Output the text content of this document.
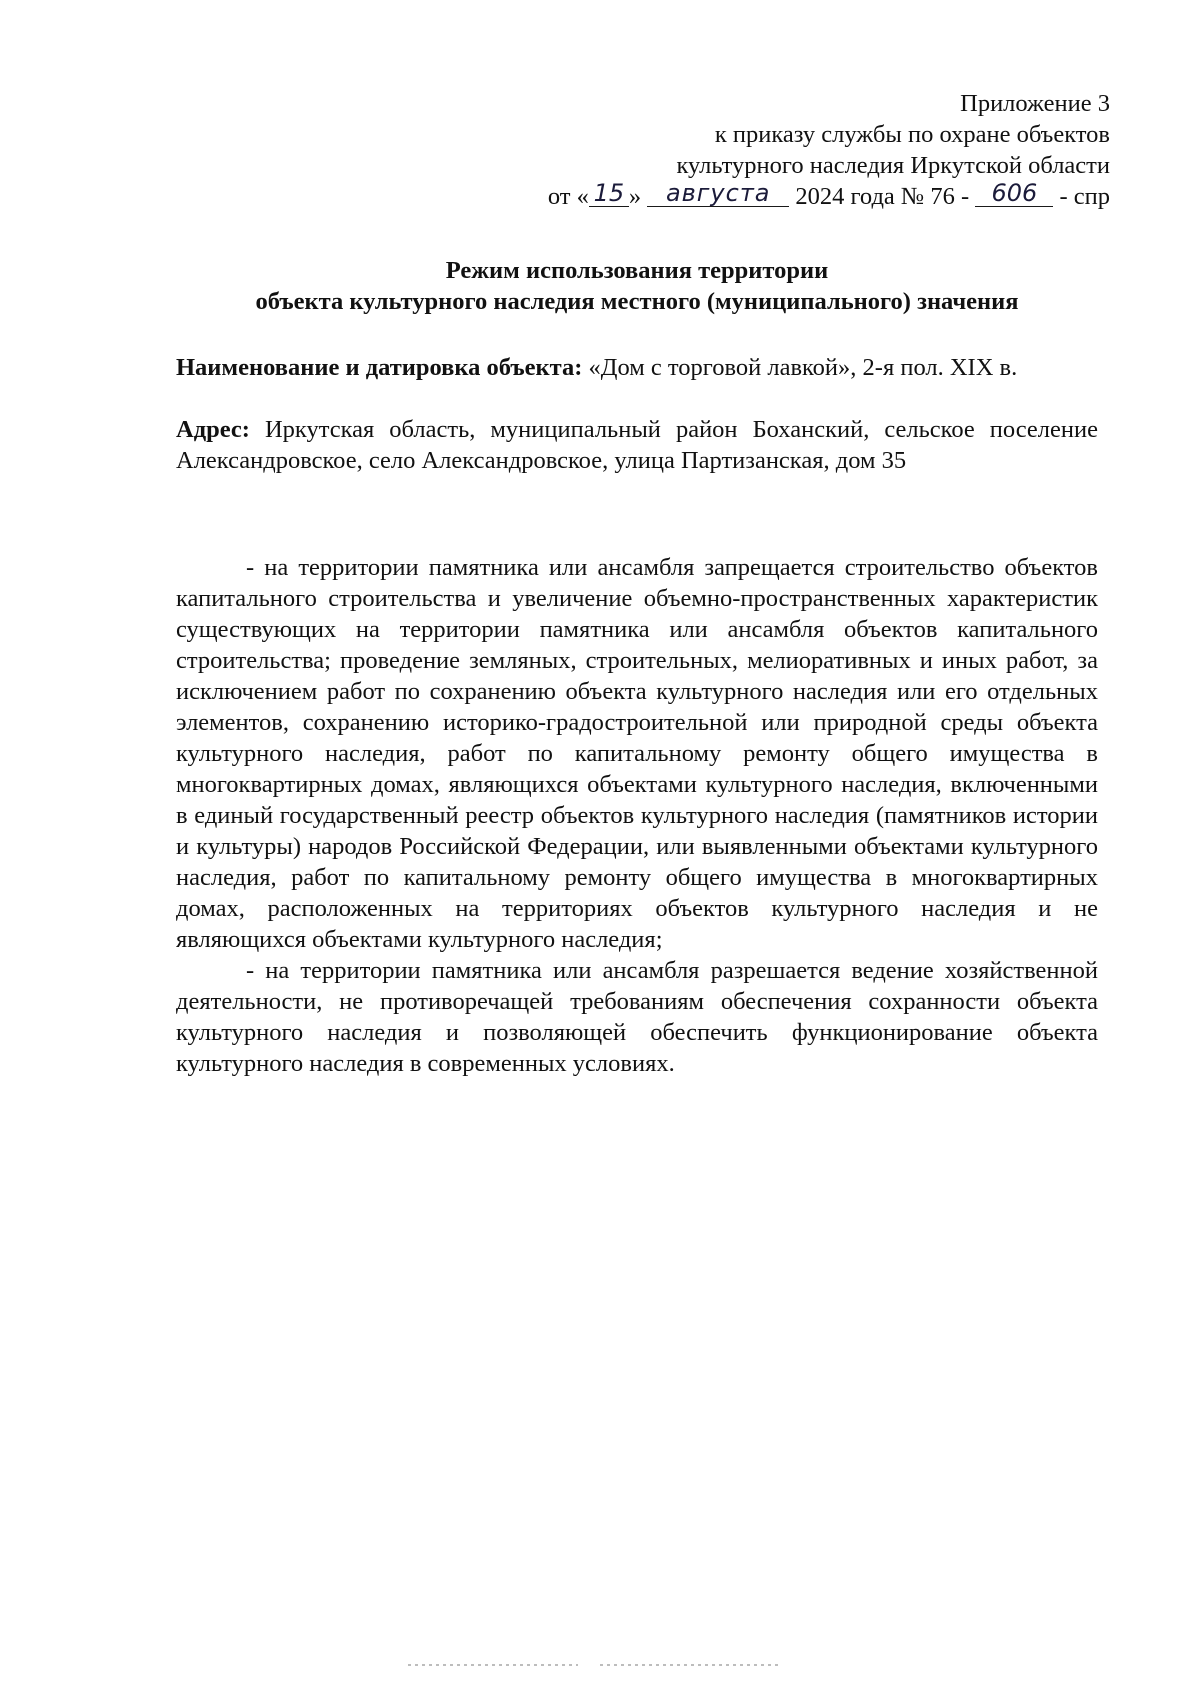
Приложение 3
к приказу службы по охране объектов
культурного наследия Иркутской области
от « 15 » августа 2024 года № 76 - 606 - спр
Режим использования территории
объекта культурного наследия местного (муниципального) значения
Наименование и датировка объекта: «Дом с торговой лавкой», 2-я пол. XIX в.
Адрес: Иркутская область, муниципальный район Боханский, сельское поселение Александровское, село Александровское, улица Партизанская, дом 35

- на территории памятника или ансамбля запрещается строительство объектов капитального строительства и увеличение объемно-пространственных характеристик существующих на территории памятника или ансамбля объектов капитального строительства; проведение земляных, строительных, мелиоративных и иных работ, за исключением работ по сохранению объекта культурного наследия или его отдельных элементов, сохранению историко-градостроительной или природной среды объекта культурного наследия, работ по капитальному ремонту общего имущества в многоквартирных домах, являющихся объектами культурного наследия, включенными в единый государственный реестр объектов культурного наследия (памятников истории и культуры) народов Российской Федерации, или выявленными объектами культурного наследия, работ по капитальному ремонту общего имущества в многоквартирных домах, расположенных на территориях объектов культурного наследия и не являющихся объектами культурного наследия;

- на территории памятника или ансамбля разрешается ведение хозяйственной деятельности, не противоречащей требованиям обеспечения сохранности объекта культурного наследия и позволяющей обеспечить функционирование объекта культурного наследия в современных условиях.
